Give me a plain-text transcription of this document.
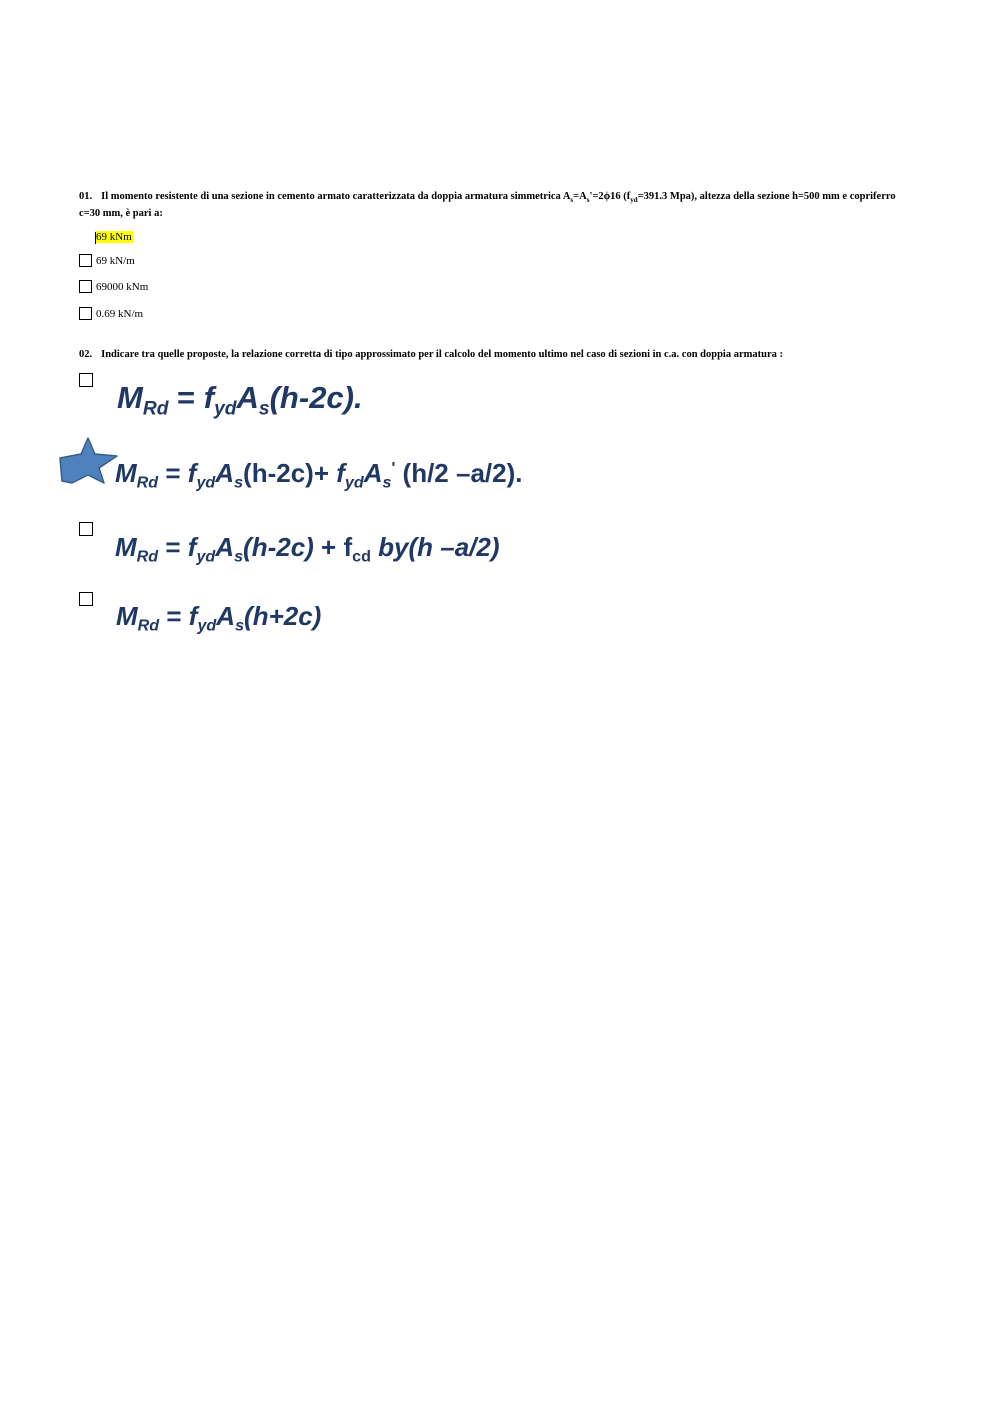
01. Il momento resistente di una sezione in cemento armato caratterizzata da doppia armatura simmetrica $A_s=A_s'=2\phi 16$ ($f_{yd}=391.3$ Mpa), altezza della sezione h=500 mm e copriferro c=30 mm, è pari a:
69 kNm
69 kN/m
69000 kNm
0.69 kN/m
02. Indicare tra quelle proposte, la relazione corretta di tipo approssimato per il calcolo del momento ultimo nel caso di sezioni in c.a. con doppia armatura :
$M_{Rd} = f_{yd}A_s(h-2c)$.
$M_{Rd} = f_{yd}A_s(h-2c)+ f_{yd}A_s'$ (h/2 –a/2).
$M_{Rd} = f_{yd}A_s(h-2c) + f_{cd}$ by(h –a/2)
$M_{Rd} = f_{yd}A_s(h+2c)$
